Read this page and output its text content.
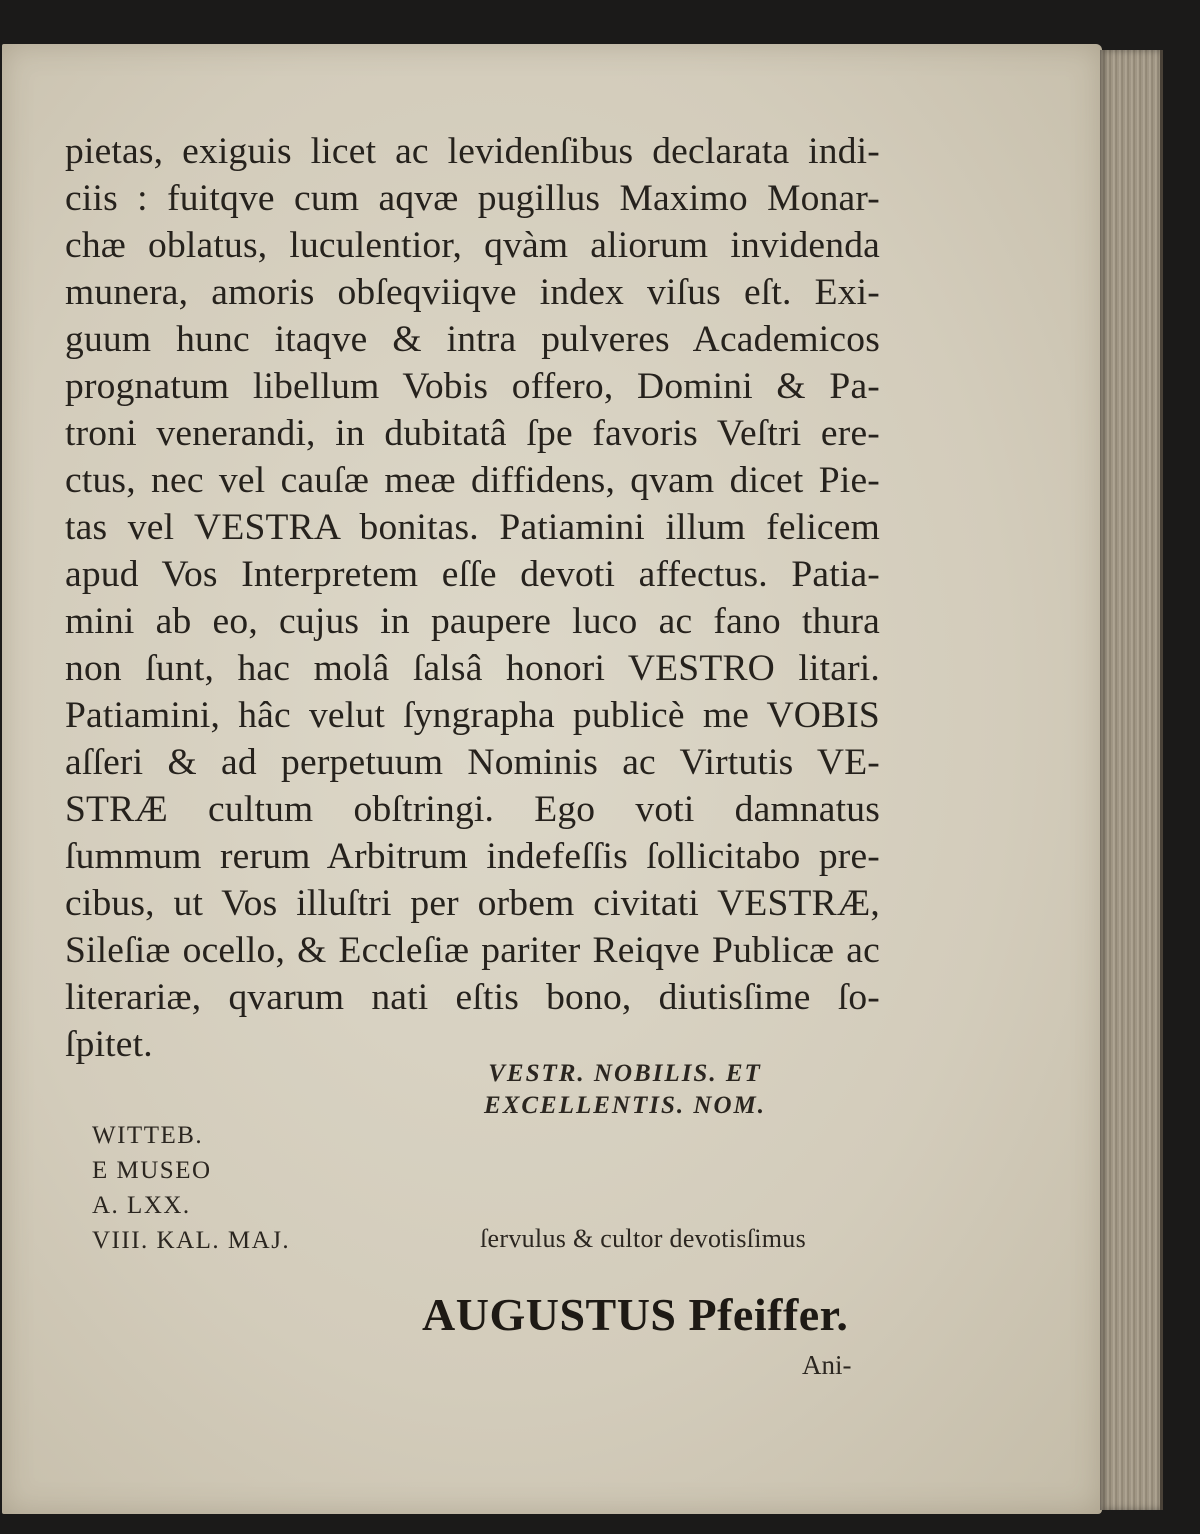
pietas, exiguis licet ac levidenſibus declarata indi-
ciis : fuitqve cum aqvæ pugillus Maximo Monar-
chæ oblatus, luculentior, qvàm aliorum invidenda
munera, amoris obſeqviiqve index viſus eſt. Exi-
guum hunc itaqve & intra pulveres Academicos
prognatum libellum Vobis offero, Domini & Pa-
troni venerandi, in dubitatâ ſpe favoris Veſtri ere-
ctus, nec vel cauſæ meæ diffidens, qvam dicet Pie-
tas vel VESTRA bonitas. Patiamini illum felicem
apud Vos Interpretem eſſe devoti affectus. Patia-
mini ab eo, cujus in paupere luco ac fano thura
non ſunt, hac molâ ſalsâ honori VESTRO litari.
Patiamini, hâc velut ſyngrapha publicè me VOBIS
aſſeri & ad perpetuum Nominis ac Virtutis VE-
STRÆ cultum obſtringi. Ego voti damnatus
ſummum rerum Arbitrum indefeſſis ſollicitabo pre-
cibus, ut Vos illuſtri per orbem civitati VESTRÆ,
Sileſiæ ocello, & Eccleſiæ pariter Reiqve Publicæ ac
literariæ, qvarum nati eſtis bono, diutisſime ſo-
ſpitet.
VESTR. NOBILIS. ET
EXCELLENTIS. NOM.
WITTEB.
E MUSEO
A. LXX.
VIII. KAL. MAJ.	ſervulus & cultor devotisſimus
AUGUSTUS Pfeiffer.
Ani-
